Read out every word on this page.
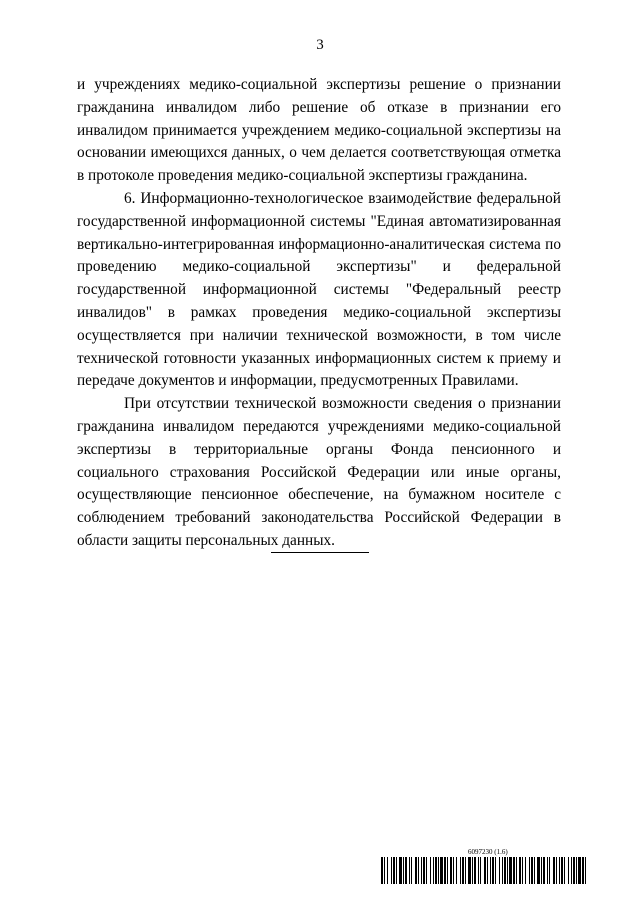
3

и учреждениях медико-социальной экспертизы решение о признании гражданина инвалидом либо решение об отказе в признании его инвалидом принимается учреждением медико-социальной экспертизы на основании имеющихся данных, о чем делается соответствующая отметка в протоколе проведения медико-социальной экспертизы гражданина.

6. Информационно-технологическое взаимодействие федеральной государственной информационной системы "Единая автоматизированная вертикально-интегрированная информационно-аналитическая система по проведению медико-социальной экспертизы" и федеральной государственной информационной системы "Федеральный реестр инвалидов" в рамках проведения медико-социальной экспертизы осуществляется при наличии технической возможности, в том числе технической готовности указанных информационных систем к приему и передаче документов и информации, предусмотренных Правилами.

При отсутствии технической возможности сведения о признании гражданина инвалидом передаются учреждениями медико-социальной экспертизы в территориальные органы Фонда пенсионного и социального страхования Российской Федерации или иные органы, осуществляющие пенсионное обеспечение, на бумажном носителе с соблюдением требований законодательства Российской Федерации в области защиты персональных данных.

6097230 (1.6)
